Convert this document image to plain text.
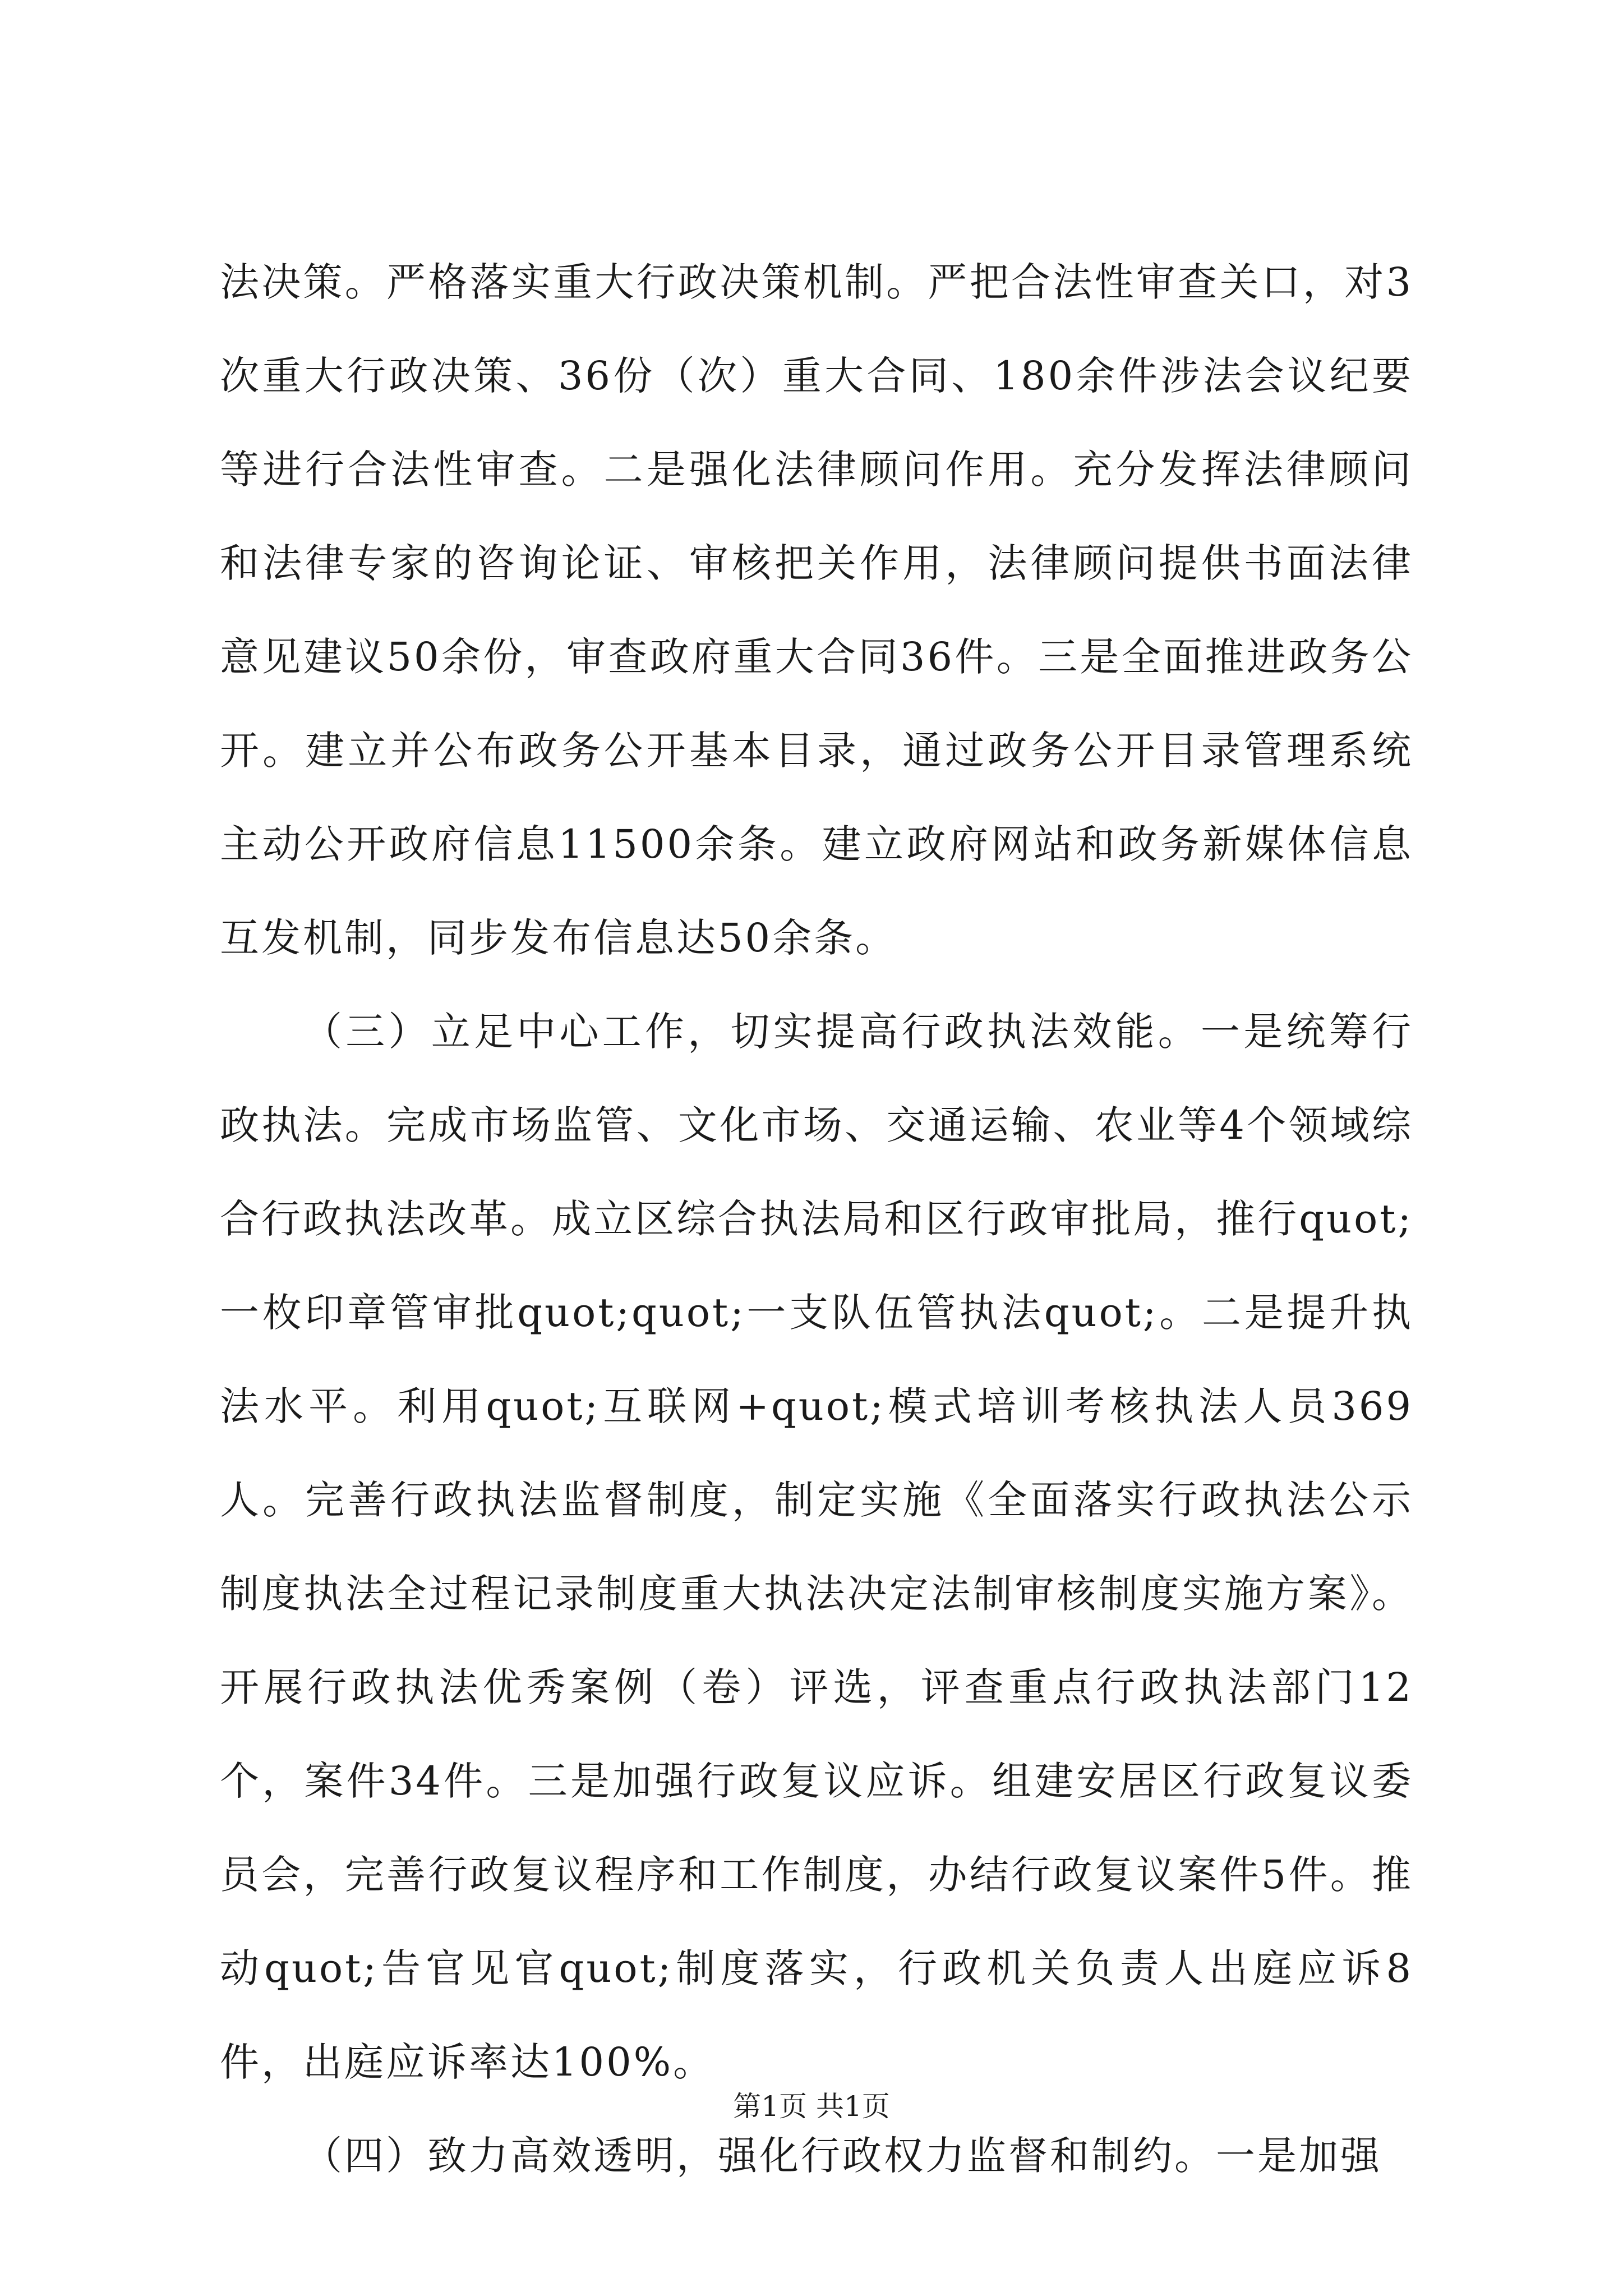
法决策。严格落实重大行政决策机制。严把合法性审查关口，对3次重大行政决策、36份（次）重大合同、180余件涉法会议纪要等进行合法性审查。二是强化法律顾问作用。充分发挥法律顾问和法律专家的咨询论证、审核把关作用，法律顾问提供书面法律意见建议50余份，审查政府重大合同36件。三是全面推进政务公开。建立并公布政务公开基本目录，通过政务公开目录管理系统主动公开政府信息11500余条。建立政府网站和政务新媒体信息互发机制，同步发布信息达50余条。

（三）立足中心工作，切实提高行政执法效能。一是统筹行政执法。完成市场监管、文化市场、交通运输、农业等4个领域综合行政执法改革。成立区综合执法局和区行政审批局，推行quot;一枚印章管审批quot;quot;一支队伍管执法quot;。二是提升执法水平。利用quot;互联网+quot;模式培训考核执法人员369人。完善行政执法监督制度，制定实施《全面落实行政执法公示制度执法全过程记录制度重大执法决定法制审核制度实施方案》。开展行政执法优秀案例（卷）评选，评查重点行政执法部门12个，案件34件。三是加强行政复议应诉。组建安居区行政复议委员会，完善行政复议程序和工作制度，办结行政复议案件5件。推动quot;告官见官quot;制度落实，行政机关负责人出庭应诉8件，出庭应诉率达100%。

（四）致力高效透明，强化行政权力监督和制约。一是加强

第1页 共1页
